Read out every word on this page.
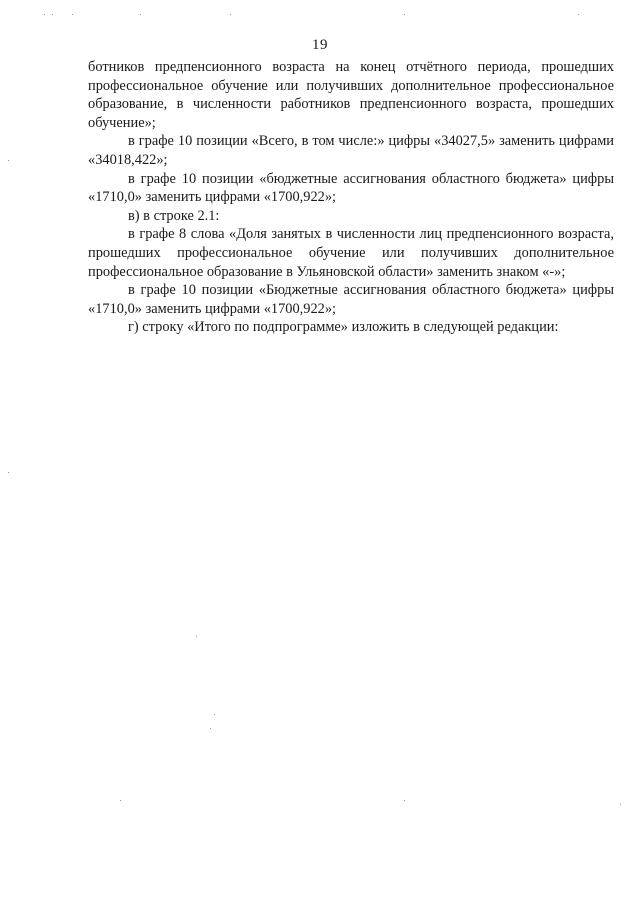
19

ботников предпенсионного возраста на конец отчётного периода, прошедших профессиональное обучение или получивших дополнительное профессиональное образование, в численности работников предпенсионного возраста, прошедших обучение»;

в графе 10 позиции «Всего, в том числе:» цифры «34027,5» заменить цифрами «34018,422»;

в графе 10 позиции «бюджетные ассигнования областного бюджета» цифры «1710,0» заменить цифрами «1700,922»;

в) в строке 2.1:

в графе 8 слова «Доля занятых в численности лиц предпенсионного возраста, прошедших профессиональное обучение или получивших дополнительное профессиональное образование в Ульяновской области» заменить знаком «-»;

в графе 10 позиции «Бюджетные ассигнования областного бюджета» цифры «1710,0» заменить цифрами «1700,922»;

г) строку «Итого по подпрограмме» изложить в следующей редакции:
